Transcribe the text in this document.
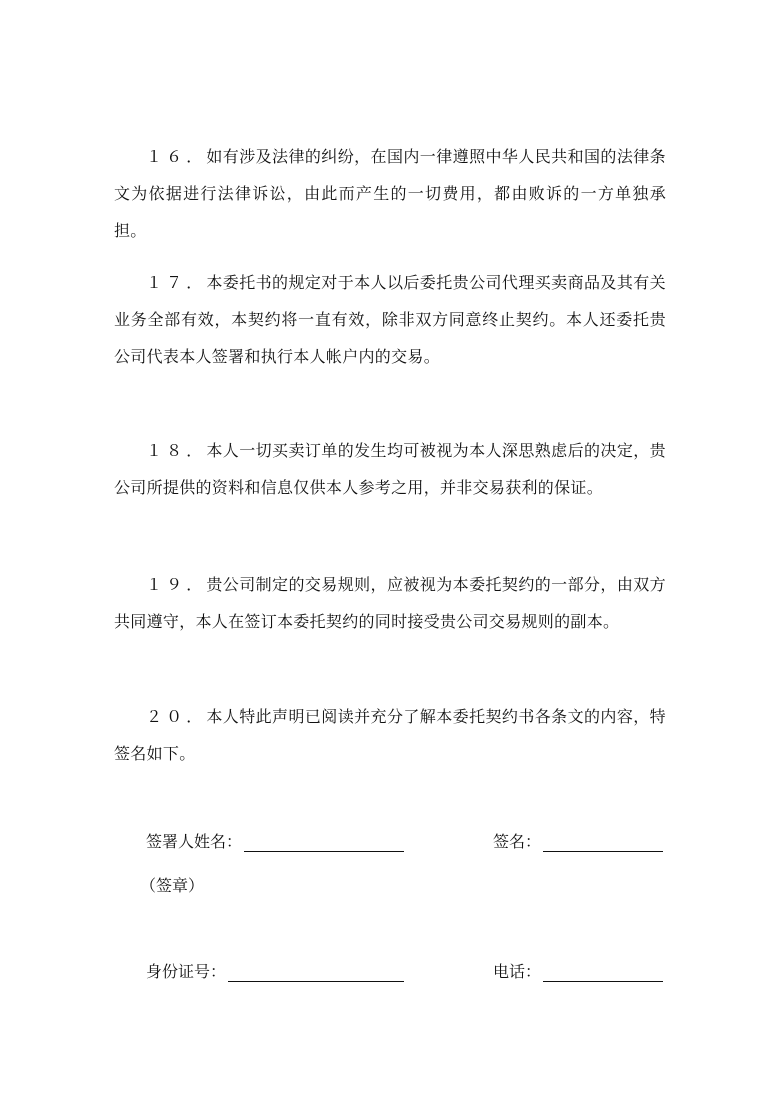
１６．如有涉及法律的纠纷，在国内一律遵照中华人民共和国的法律条文为依据进行法律诉讼，由此而产生的一切费用，都由败诉的一方单独承担。

１７．本委托书的规定对于本人以后委托贵公司代理买卖商品及其有关业务全部有效，本契约将一直有效，除非双方同意终止契约。本人还委托贵公司代表本人签署和执行本人帐户内的交易。

１８．本人一切买卖订单的发生均可被视为本人深思熟虑后的决定，贵公司所提供的资料和信息仅供本人参考之用，并非交易获利的保证。

１９．贵公司制定的交易规则，应被视为本委托契约的一部分，由双方共同遵守，本人在签订本委托契约的同时接受贵公司交易规则的副本。

２０．本人特此声明已阅读并充分了解本委托契约书各条文的内容，特签名如下。

签署人姓名：	签名：
（签章）
身份证号：	电话：
